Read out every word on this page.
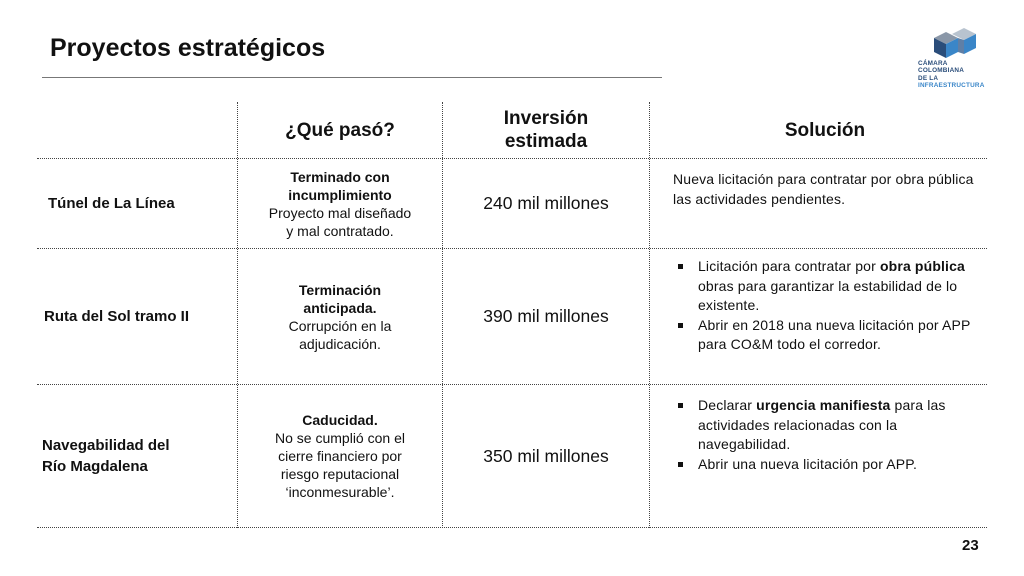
Proyectos estratégicos
CÁMARA COLOMBIANA
DE LA INFRAESTRUCTURA
¿Qué pasó?
Inversión
estimada
Solución
Túnel de La Línea
Terminado con
incumplimiento
Proyecto mal diseñado
y mal contratado.
240 mil millones
Nueva licitación para contratar por obra pública las actividades pendientes.
Ruta del Sol tramo II
Terminación
anticipada.
Corrupción en la
adjudicación.
390 mil millones
Licitación para contratar por obra pública obras para garantizar la estabilidad de lo existente.
Abrir en 2018 una nueva licitación por APP para CO&M todo el corredor.
Navegabilidad del
Río Magdalena
Caducidad.
No se cumplió con el
cierre financiero por
riesgo reputacional
‘inconmesurable’.
350 mil millones
Declarar urgencia manifiesta para las actividades relacionadas con la navegabilidad.
Abrir una nueva licitación por APP.
23
